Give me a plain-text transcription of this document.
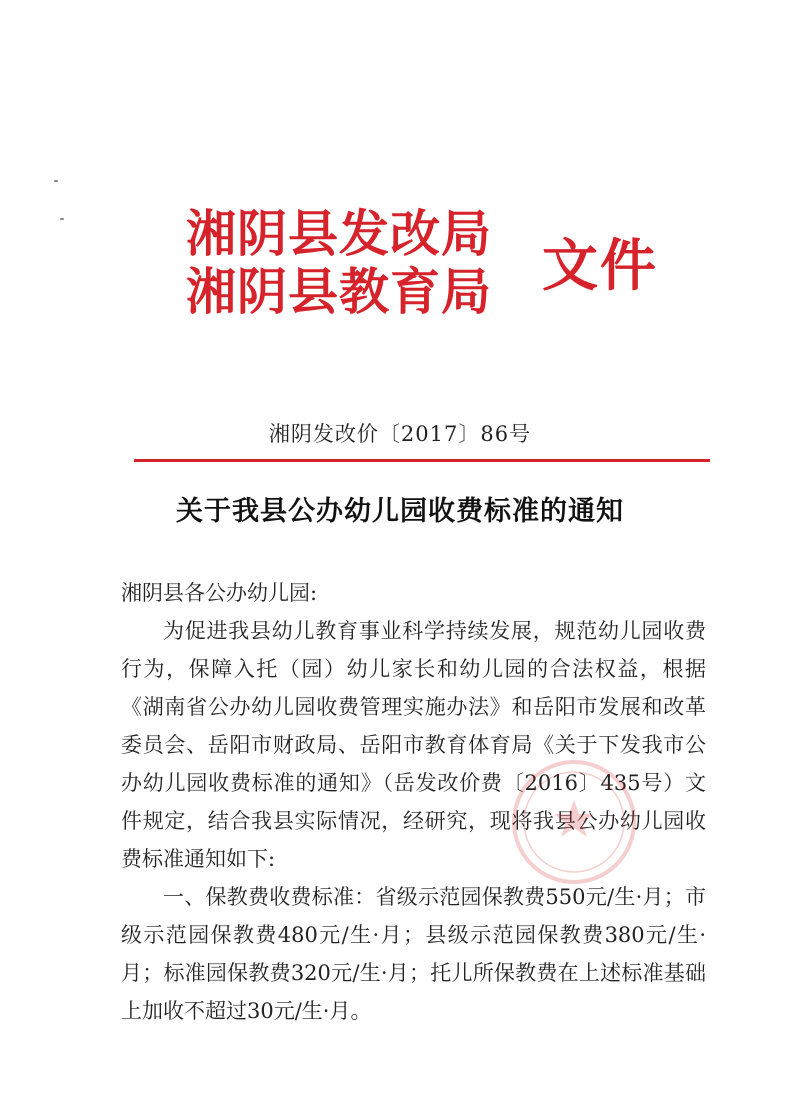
湘阴县发改局
湘阴县教育局 文件
湘阴发改价〔2017〕86号
关于我县公办幼儿园收费标准的通知

湘阴县各公办幼儿园:

为促进我县幼儿教育事业科学持续发展，规范幼儿园收费行为，保障入托（园）幼儿家长和幼儿园的合法权益，根据《湖南省公办幼儿园收费管理实施办法》和岳阳市发展和改革委员会、岳阳市财政局、岳阳市教育体育局《关于下发我市公办幼儿园收费标准的通知》（岳发改价费〔2016〕435号）文件规定，结合我县实际情况，经研究，现将我县公办幼儿园收费标准通知如下:

一、保教费收费标准：省级示范园保教费550元/生·月；市级示范园保教费480元/生·月；县级示范园保教费380元/生·月；标准园保教费320元/生·月；托儿所保教费在上述标准基础上加收不超过30元/生·月。
